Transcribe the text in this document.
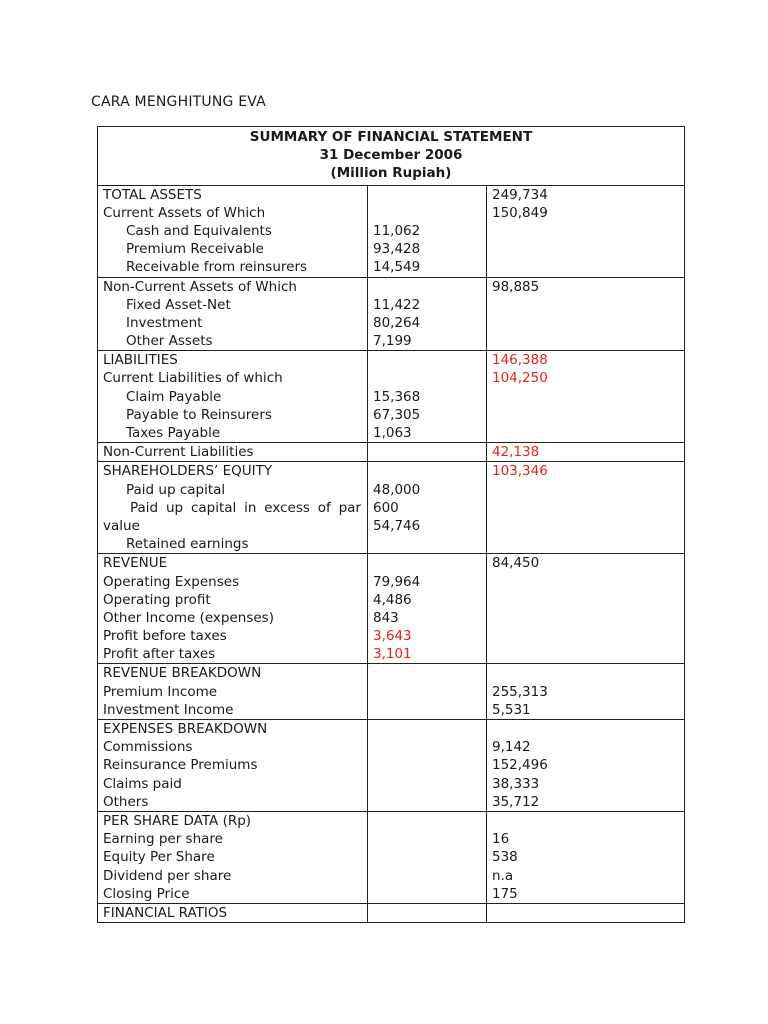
CARA MENGHITUNG EVA
SUMMARY OF FINANCIAL STATEMENT
31 December 2006
(Million Rupiah)
TOTAL ASSETS
Current Assets of Which
Cash and Equivalents
Premium Receivable
Receivable from reinsurers
11,062
93,428
14,549
249,734
150,849
Non-Current Assets of Which
Fixed Asset-Net
Investment
Other Assets
11,422
80,264
7,199
98,885
LIABILITIES
Current Liabilities of which
Claim Payable
Payable to Reinsurers
Taxes Payable
15,368
67,305
1,063
146,388
104,250
Non-Current Liabilities	42,138
SHAREHOLDERS’ EQUITY
Paid up capital
Paid up capital in excess of par
value
Retained earnings
48,000
600
54,746
103,346
REVENUE
Operating Expenses
Operating profit
Other Income (expenses)
Profit before taxes
Profit after taxes
79,964
4,486
843
3,643
3,101
84,450
REVENUE BREAKDOWN
Premium Income
Investment Income
255,313
5,531
EXPENSES BREAKDOWN
Commissions
Reinsurance Premiums
Claims paid
Others
9,142
152,496
38,333
35,712
PER SHARE DATA (Rp)
Earning per share
Equity Per Share
Dividend per share
Closing Price
16
538
n.a
175
FINANCIAL RATIOS
